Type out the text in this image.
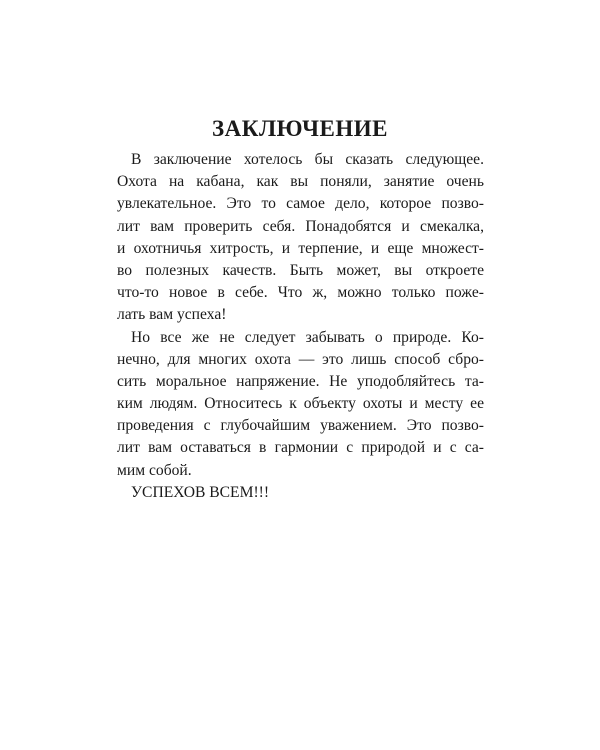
ЗАКЛЮЧЕНИЕ
В заключение хотелось бы сказать следующее.
Охота на кабана, как вы поняли, занятие очень
увлекательное. Это то самое дело, которое позво-
лит вам проверить себя. Понадобятся и смекалка,
и охотничья хитрость, и терпение, и еще множест-
во полезных качеств. Быть может, вы откроете
что-то новое в себе. Что ж, можно только поже-
лать вам успеха!
Но все же не следует забывать о природе. Ко-
нечно, для многих охота — это лишь способ сбро-
сить моральное напряжение. Не уподобляйтесь та-
ким людям. Относитесь к объекту охоты и месту ее
проведения с глубочайшим уважением. Это позво-
лит вам оставаться в гармонии с природой и с са-
мим собой.
УСПЕХОВ ВСЕМ!!!
